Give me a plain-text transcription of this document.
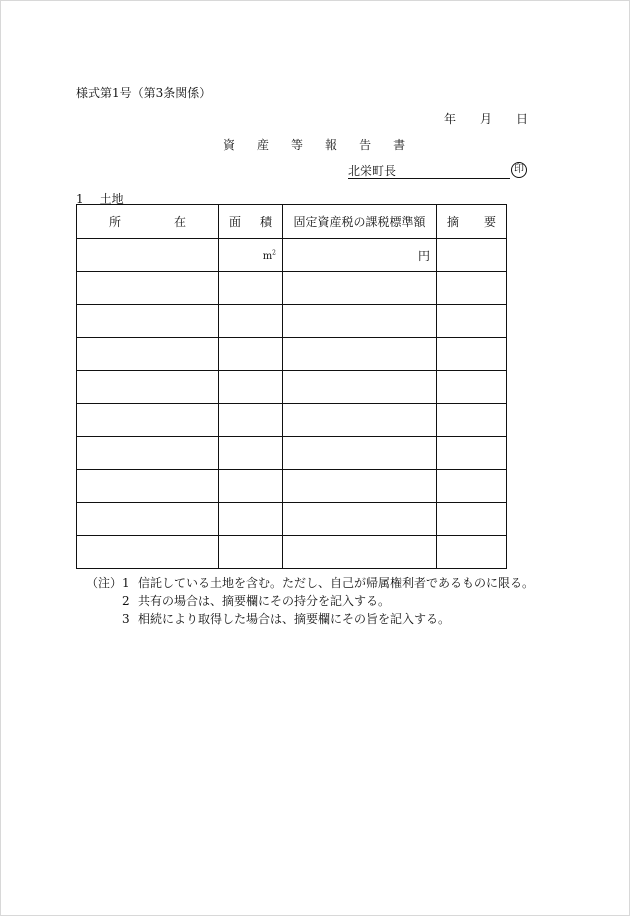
様式第1号（第3条関係）
年 月 日
資 産 等 報 告 書
北栄町長	印
1 土地
所 在	面 積	固定資産税の課税標準額	摘 要

	$m^2$	円	

（注） 1 信託している土地を含む。ただし、自己が帰属権利者であるものに限る。
2 共有の場合は、摘要欄にその持分を記入する。
3 相続により取得した場合は、摘要欄にその旨を記入する。
